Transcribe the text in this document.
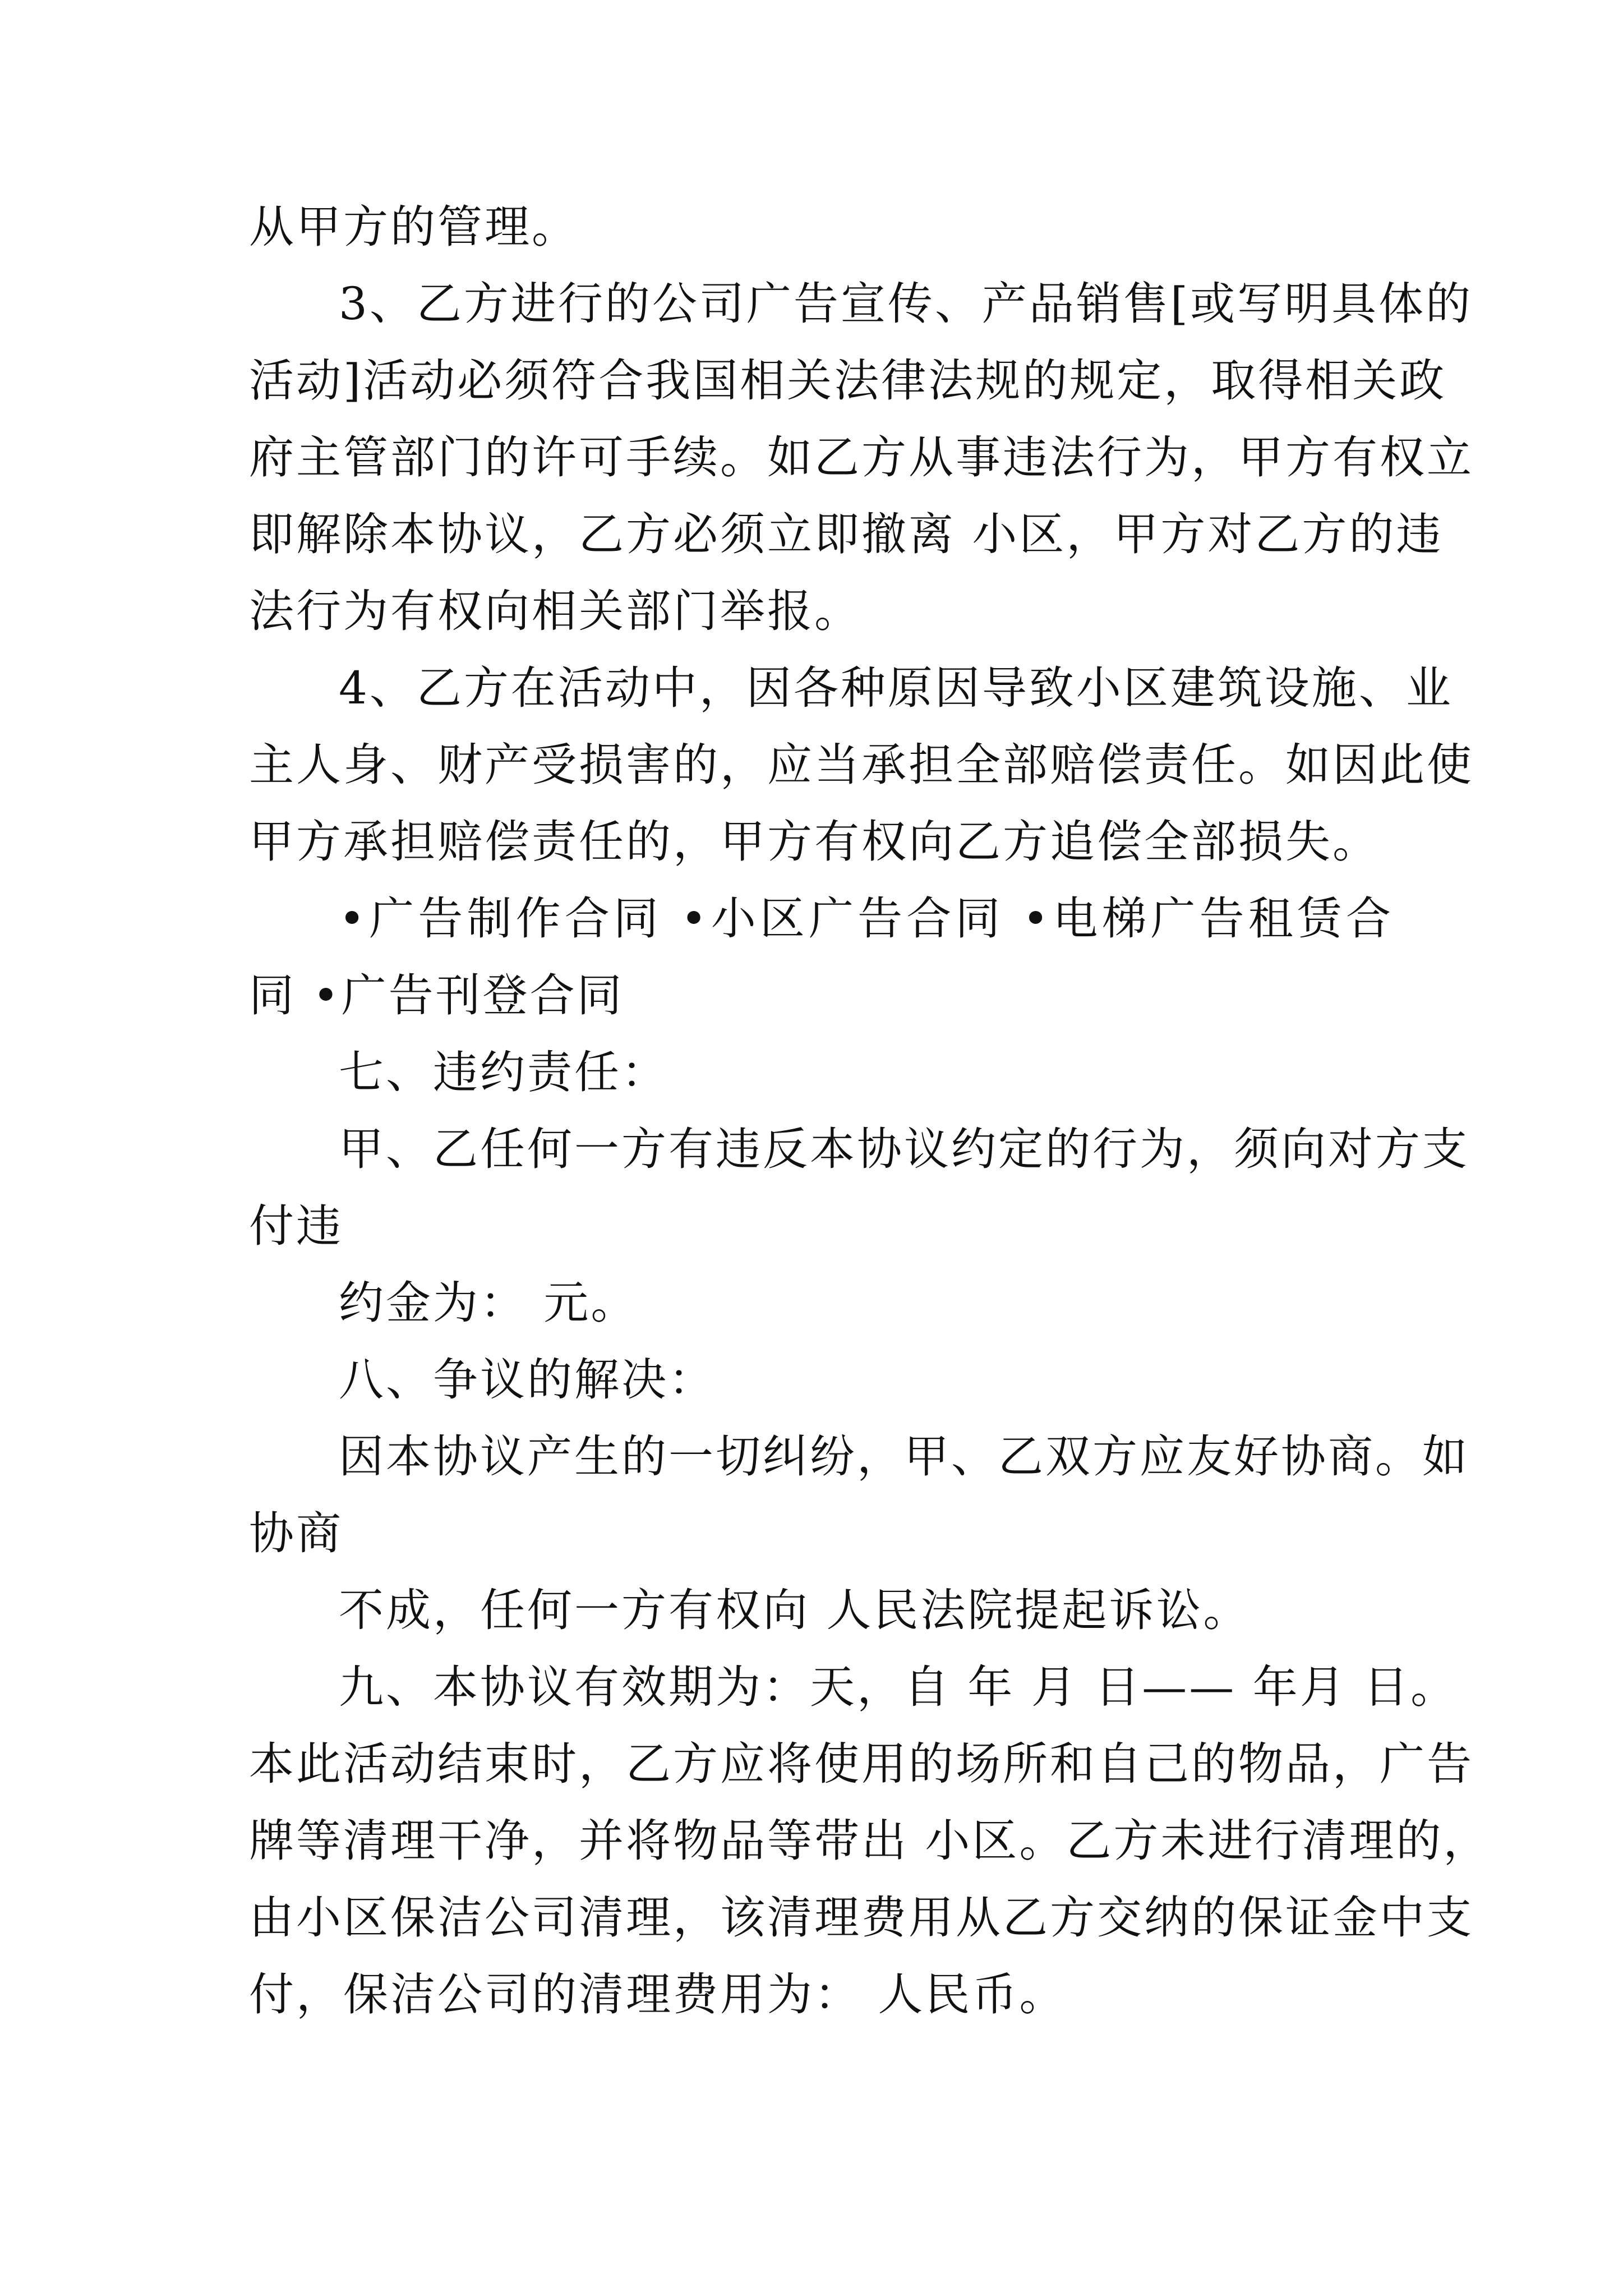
从甲方的管理。
3、乙方进行的公司广告宣传、产品销售[或写明具体的
活动]活动必须符合我国相关法律法规的规定，取得相关政
府主管部门的许可手续。如乙方从事违法行为，甲方有权立
即解除本协议，乙方必须立即撤离 小区，甲方对乙方的违
法行为有权向相关部门举报。
4、乙方在活动中，因各种原因导致小区建筑设施、业
主人身、财产受损害的，应当承担全部赔偿责任。如因此使
甲方承担赔偿责任的，甲方有权向乙方追偿全部损失。
•广告制作合同 •小区广告合同 •电梯广告租赁合
同 •广告刊登合同
七、违约责任：
甲、乙任何一方有违反本协议约定的行为，须向对方支
付违
约金为： 元。
八、争议的解决：
因本协议产生的一切纠纷，甲、乙双方应友好协商。如
协商
不成，任何一方有权向 人民法院提起诉讼。
九、本协议有效期为：天，自 年 月 日—— 年月 日。
本此活动结束时，乙方应将使用的场所和自己的物品，广告
牌等清理干净，并将物品等带出 小区。乙方未进行清理的，
由小区保洁公司清理，该清理费用从乙方交纳的保证金中支
付，保洁公司的清理费用为： 人民币。
